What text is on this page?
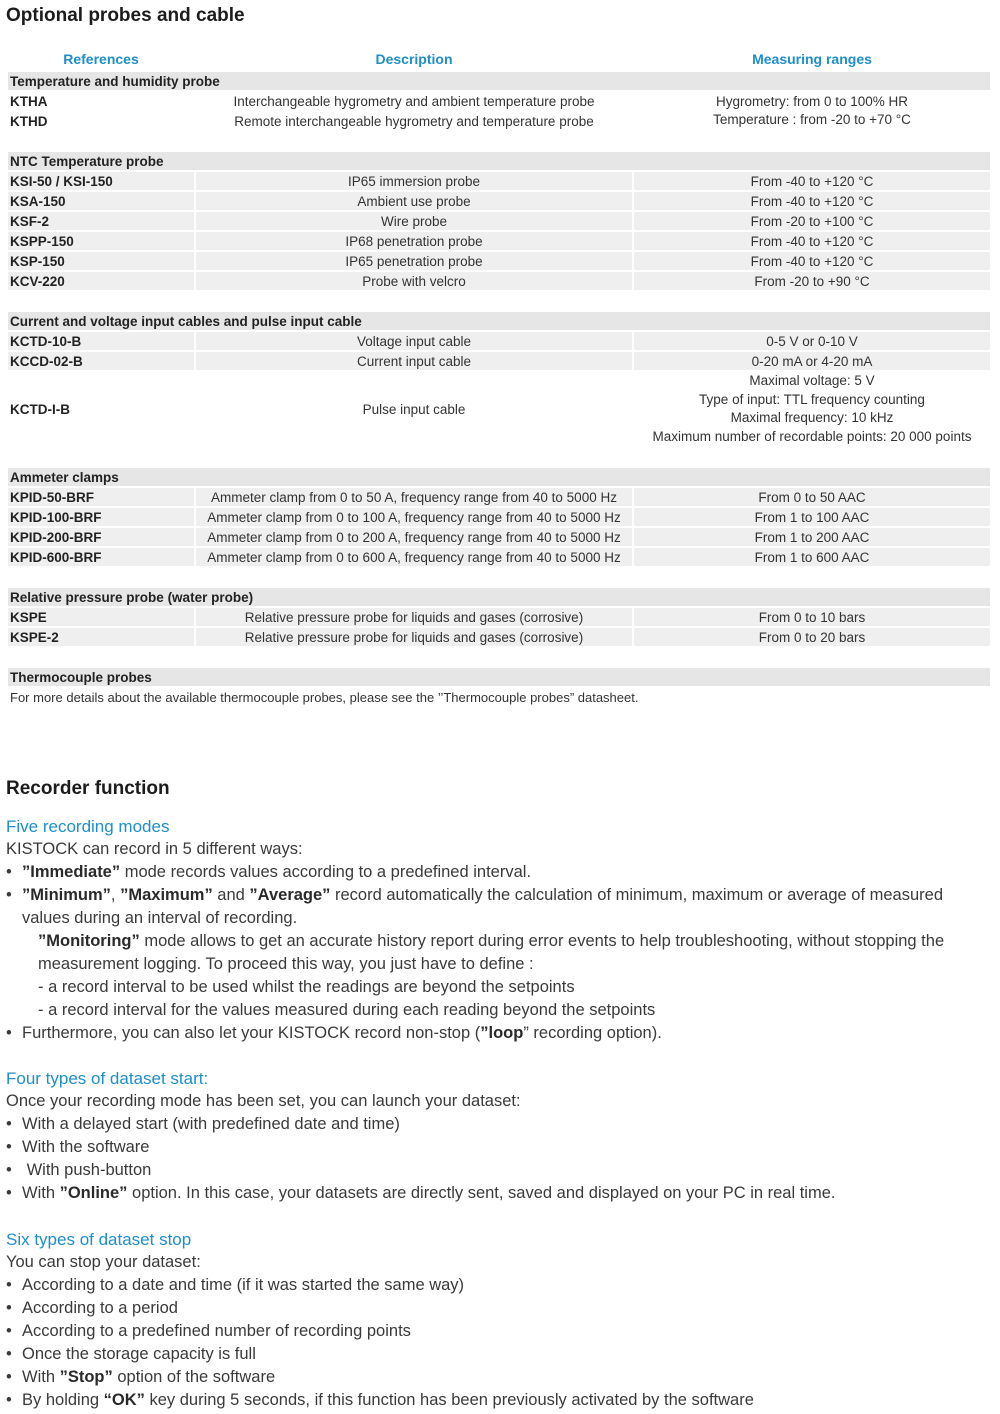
Optional probes and cable
References	Description	Measuring ranges
Temperature and humidity probe		
KTHA	Interchangeable hygrometry and ambient temperature probe	Hygrometry: from 0 to 100% HR
Temperature : from -20 to +70 °C

KTHD	Remote interchangeable hygrometry and temperature probe	

NTC Temperature probe		
KSI-50 / KSI-150	IP65 immersion probe	From -40 to +120 °C
KSA-150	Ambient use probe	From -40 to +120 °C
KSF-2	Wire probe	From -20 to +100 °C
KSPP-150	IP68 penetration probe	From -40 to +120 °C
KSP-150	IP65 penetration probe	From -40 to +120 °C
KCV-220	Probe with velcro	From -20 to +90 °C

Current and voltage input cables and pulse input cable		
KCTD-10-B	Voltage input cable	0-5 V or 0-10 V
KCCD-02-B	Current input cable	0-20 mA or 4-20 mA
KCTD-I-B	Pulse input cable	Maximal voltage: 5 V
Type of input: TTL frequency counting
Maximal frequency: 10 kHz
Maximum number of recordable points: 20 000 points

Ammeter clamps		
KPID-50-BRF	Ammeter clamp from 0 to 50 A, frequency range from 40 to 5000 Hz	From 0 to 50 AAC
KPID-100-BRF	Ammeter clamp from 0 to 100 A, frequency range from 40 to 5000 Hz	From 1 to 100 AAC
KPID-200-BRF	Ammeter clamp from 0 to 200 A, frequency range from 40 to 5000 Hz	From 1 to 200 AAC
KPID-600-BRF	Ammeter clamp from 0 to 600 A, frequency range from 40 to 5000 Hz	From 1 to 600 AAC

Relative pressure probe (water probe)		
KSPE	Relative pressure probe for liquids and gases (corrosive)	From 0 to 10 bars
KSPE-2	Relative pressure probe for liquids and gases (corrosive)	From 0 to 20 bars

Thermocouple probes		
For more details about the available thermocouple probes, please see the ’’Thermocouple probes” datasheet.		
Recorder function
Five recording modes
KISTOCK can record in 5 different ways:
• ”Immediate” mode records values according to a predefined interval.
• ”Minimum”, ”Maximum” and ”Average” record automatically the calculation of minimum, maximum or average of measured
values during an interval of recording.
”Monitoring” mode allows to get an accurate history report during error events to help troubleshooting, without stopping the
measurement logging. To proceed this way, you just have to define :
- a record interval to be used whilst the readings are beyond the setpoints
- a record interval for the values measured during each reading beyond the setpoints
• Furthermore, you can also let your KISTOCK record non-stop (”loop” recording option).
Four types of dataset start:
Once your recording mode has been set, you can launch your dataset:
• With a delayed start (with predefined date and time)
• With the software
•  With push-button
• With ”Online” option. In this case, your datasets are directly sent, saved and displayed on your PC in real time.
Six types of dataset stop
You can stop your dataset:
• According to a date and time (if it was started the same way)
• According to a period
• According to a predefined number of recording points
• Once the storage capacity is full
• With ”Stop” option of the software
• By holding “OK” key during 5 seconds, if this function has been previously activated by the software
